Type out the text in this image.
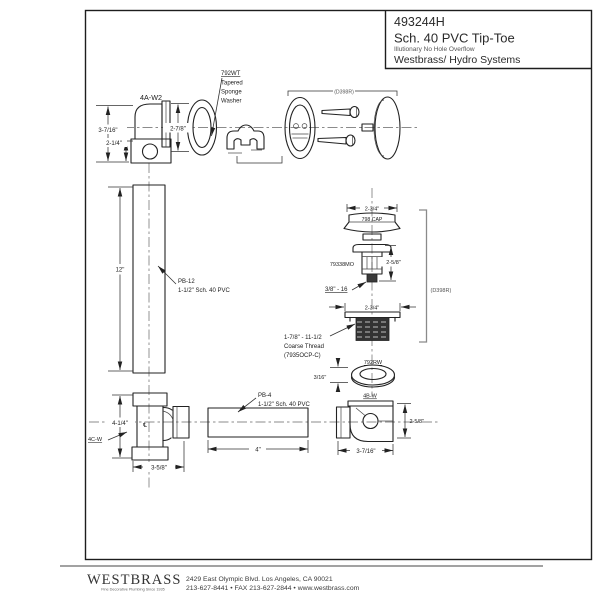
493244H
Sch. 40 PVC Tip-Toe
Illutionary No Hole Overflow
Westbrass/ Hydro Systems
4A-W2
3-7/16"
2-1/4"
2-7/8"
792WT
Tapered
Sponge
Washer
(D398R)
12"
PB-12
1-1/2" Sch. 40 PVC
2-3/4"
798 CAP
79338MO	2-5/8"
3/8" - 16	(D398R)
2-3/4"
1-7/8" - 11-1/2
Coarse Thread
(7935OCP-C)
792RW
3/16"
4-1/4"
4C-W
3-5/8"
℄
PB-4
1-1/2" Sch. 40 PVC
4"
4B-W
2-5/8"
3-7/16"
WESTBRASS
Fine Decorative Plumbing Since 1935
2429 East Olympic Blvd. Los Angeles, CA 90021
213-627-8441 • FAX 213-627-2844 • www.westbrass.com
